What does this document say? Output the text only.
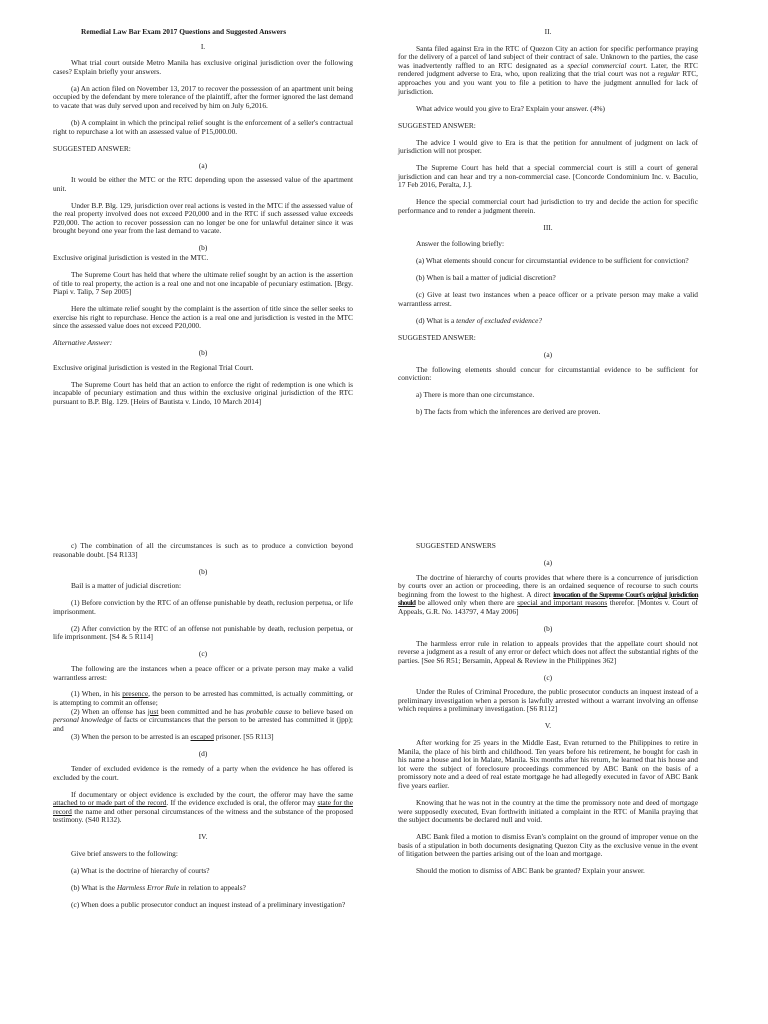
Remedial Law Bar Exam 2017 Questions and Suggested Answers

I.

What trial court outside Metro Manila has exclusive original jurisdiction over the following cases? Explain briefly your answers.

(a) An action filed on November 13, 2017 to recover the possession of an apartment unit being occupied by the defendant by mere tolerance of the plaintiff, after the former ignored the last demand to vacate that was duly served upon and received by him on July 6,2016.

(b) A complaint in which the principal relief sought is the enforcement of a seller's contractual right to repurchase a lot with an assessed value of P15,000.00.

SUGGESTED ANSWER:

(a)

It would be either the MTC or the RTC depending upon the assessed value of the apartment unit.

Under B.P. Blg. 129, jurisdiction over real actions is vested in the MTC if the assessed value of the real property involved does not exceed P20,000 and in the RTC if such assessed value exceeds P20,000. The action to recover possession can no longer be one for unlawful detainer since it was brought beyond one year from the last demand to vacate.

(b)

Exclusive original jurisdiction is vested in the MTC.

The Supreme Court has held that where the ultimate relief sought by an action is the assertion of title to real property, the action is a real one and not one incapable of pecuniary estimation. [Brgy. Piapi v. Talip, 7 Sep 2005]

Here the ultimate relief sought by the complaint is the assertion of title since the seller seeks to exercise his right to repurchase. Hence the action is a real one and jurisdiction is vested in the MTC since the assessed value does not exceed P20,000.

Alternative Answer:

(b)

Exclusive original jurisdiction is vested in the Regional Trial Court.

The Supreme Court has held that an action to enforce the right of redemption is one which is incapable of pecuniary estimation and thus within the exclusive original jurisdiction of the RTC pursuant to B.P. Blg. 129. [Heirs of Bautista v. Lindo, 10 March 2014]

II.

Santa filed against Era in the RTC of Quezon City an action for specific performance praying for the delivery of a parcel of land subject of their contract of sale. Unknown to the parties, the case was inadvertently raffled to an RTC designated as a special commercial court. Later, the RTC rendered judgment adverse to Era, who, upon realizing that the trial court was not a regular RTC, approaches you and you want you to file a petition to have the judgment annulled for lack of jurisdiction.

What advice would you give to Era? Explain your answer. (4%)

SUGGESTED ANSWER:

The advice I would give to Era is that the petition for annulment of judgment on lack of jurisdiction will not prosper.

The Supreme Court has held that a special commercial court is still a court of general jurisdiction and can hear and try a non-commercial case. [Concorde Condominium Inc. v. Baculio, 17 Feb 2016, Peralta, J.].

Hence the special commercial court had jurisdiction to try and decide the action for specific performance and to render a judgment therein.

III.

Answer the following briefly:

(a) What elements should concur for circumstantial evidence to be sufficient for conviction?

(b) When is bail a matter of judicial discretion?

(c) Give at least two instances when a peace officer or a private person may make a valid warrantless arrest.

(d) What is a tender of excluded evidence?

SUGGESTED ANSWER:

(a)

The following elements should concur for circumstantial evidence to be sufficient for conviction:

a) There is more than one circumstance.

b) The facts from which the inferences are derived are proven.

c) The combination of all the circumstances is such as to produce a conviction beyond reasonable doubt. [S4 R133]

(b)

Bail is a matter of judicial discretion:

(1) Before conviction by the RTC of an offense punishable by death, reclusion perpetua, or life imprisonment.

(2) After conviction by the RTC of an offense not punishable by death, reclusion perpetua, or life imprisonment. [S4 & 5 R114]

(c)

The following are the instances when a peace officer or a private person may make a valid warrantless arrest:

(1) When, in his presence, the person to be arrested has committed, is actually committing, or is attempting to commit an offense;

(2) When an offense has just been committed and he has probable cause to believe based on personal knowledge of facts or circumstances that the person to be arrested has committed it (jpp); and

(3) When the person to be arrested is an escaped prisoner. [S5 R113]

(d)

Tender of excluded evidence is the remedy of a party when the evidence he has offered is excluded by the court.

If documentary or object evidence is excluded by the court, the offeror may have the same attached to or made part of the record. If the evidence excluded is oral, the offeror may state for the record the name and other personal circumstances of the witness and the substance of the proposed testimony. (S40 R132).

IV.

Give brief answers to the following:

(a) What is the doctrine of hierarchy of courts?

(b) What is the Harmless Error Rule in relation to appeals?

(c) When does a public prosecutor conduct an inquest instead of a preliminary investigation?

SUGGESTED ANSWERS

(a)

The doctrine of hierarchy of courts provides that where there is a concurrence of jurisdiction by courts over an action or proceeding, there is an ordained sequence of recourse to such courts beginning from the lowest to the highest. A direct invocation of the Supreme Court's original jurisdiction should be allowed only when there are special and important reasons therefor. [Montes v. Court of Appeals, G.R. No. 143797, 4 May 2006]

(b)

The harmless error rule in relation to appeals provides that the appellate court should not reverse a judgment as a result of any error or defect which does not affect the substantial rights of the parties. [See S6 R51; Bersamin, Appeal & Review in the Philippines 362]

(c)

Under the Rules of Criminal Procedure, the public prosecutor conducts an inquest instead of a preliminary investigation when a person is lawfully arrested without a warrant involving an offense which requires a preliminary investigation. [S6 R112]

V.

After working for 25 years in the Middle East, Evan returned to the Philippines to retire in Manila, the place of his birth and childhood. Ten years before his retirement, he bought for cash in his name a house and lot in Malate, Manila. Six months after his return, he learned that his house and lot were the subject of foreclosure proceedings commenced by ABC Bank on the basis of a promissory note and a deed of real estate mortgage he had allegedly executed in favor of ABC Bank five years earlier.

Knowing that he was not in the country at the time the promissory note and deed of mortgage were supposedly executed, Evan forthwith initiated a complaint in the RTC of Manila praying that the subject documents be declared null and void.

ABC Bank filed a motion to dismiss Evan's complaint on the ground of improper venue on the basis of a stipulation in both documents designating Quezon City as the exclusive venue in the event of litigation between the parties arising out of the loan and mortgage.

Should the motion to dismiss of ABC Bank be granted? Explain your answer.
